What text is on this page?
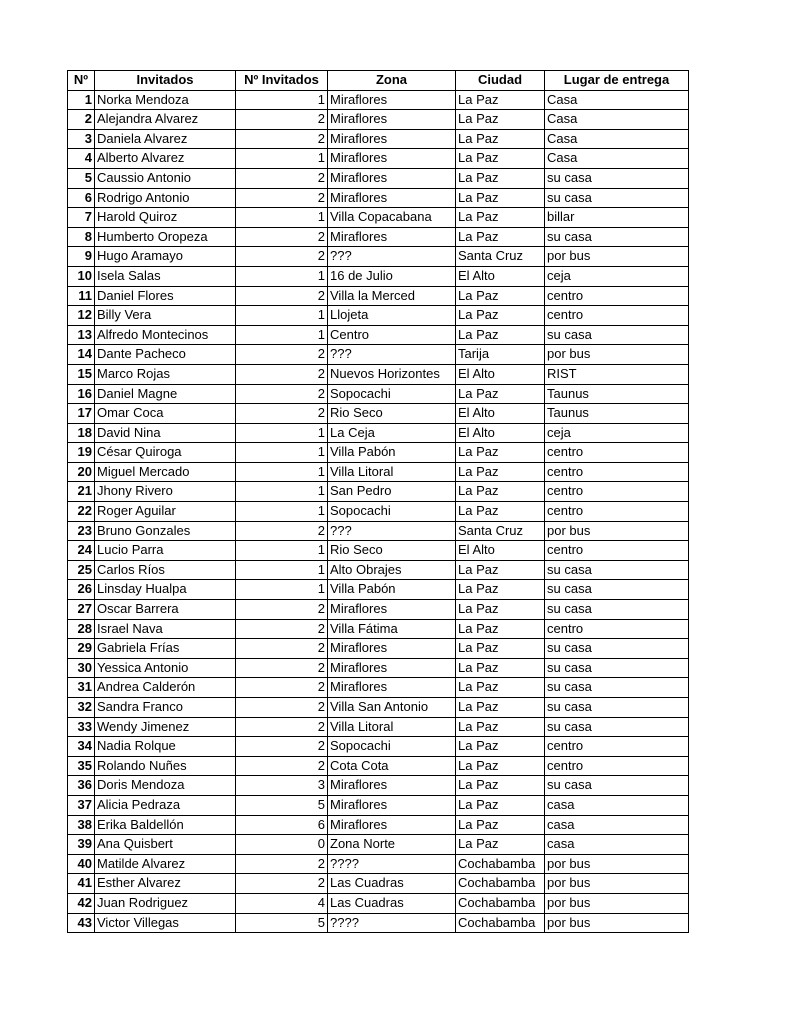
Nº	Invitados	Nº Invitados	Zona	Ciudad	Lugar de entrega
1	Norka Mendoza	1	Miraflores	La Paz	Casa
2	Alejandra Alvarez	2	Miraflores	La Paz	Casa
3	Daniela Alvarez	2	Miraflores	La Paz	Casa
4	Alberto Alvarez	1	Miraflores	La Paz	Casa
5	Caussio Antonio	2	Miraflores	La Paz	su casa
6	Rodrigo Antonio	2	Miraflores	La Paz	su casa
7	Harold Quiroz	1	Villa Copacabana	La Paz	billar
8	Humberto Oropeza	2	Miraflores	La Paz	su casa
9	Hugo Aramayo	2	???	Santa Cruz	por bus
10	Isela Salas	1	16 de Julio	El Alto	ceja
11	Daniel Flores	2	Villa la Merced	La Paz	centro
12	Billy Vera	1	Llojeta	La Paz	centro
13	Alfredo Montecinos	1	Centro	La Paz	su casa
14	Dante Pacheco	2	???	Tarija	por bus
15	Marco Rojas	2	Nuevos Horizontes	El Alto	RIST
16	Daniel Magne	2	Sopocachi	La Paz	Taunus
17	Omar Coca	2	Rio Seco	El Alto	Taunus
18	David Nina	1	La Ceja	El Alto	ceja
19	César Quiroga	1	Villa Pabón	La Paz	centro
20	Miguel Mercado	1	Villa Litoral	La Paz	centro
21	Jhony Rivero	1	San Pedro	La Paz	centro
22	Roger Aguilar	1	Sopocachi	La Paz	centro
23	Bruno Gonzales	2	???	Santa Cruz	por bus
24	Lucio Parra	1	Rio Seco	El Alto	centro
25	Carlos Ríos	1	Alto Obrajes	La Paz	su casa
26	Linsday Hualpa	1	Villa Pabón	La Paz	su casa
27	Oscar Barrera	2	Miraflores	La Paz	su casa
28	Israel Nava	2	Villa Fátima	La Paz	centro
29	Gabriela Frías	2	Miraflores	La Paz	su casa
30	Yessica Antonio	2	Miraflores	La Paz	su casa
31	Andrea Calderón	2	Miraflores	La Paz	su casa
32	Sandra Franco	2	Villa San Antonio	La Paz	su casa
33	Wendy Jimenez	2	Villa Litoral	La Paz	su casa
34	Nadia Rolque	2	Sopocachi	La Paz	centro
35	Rolando Nuñes	2	Cota Cota	La Paz	centro
36	Doris Mendoza	3	Miraflores	La Paz	su casa
37	Alicia Pedraza	5	Miraflores	La Paz	casa
38	Erika Baldellón	6	Miraflores	La Paz	casa
39	Ana Quisbert	0	Zona Norte	La Paz	casa
40	Matilde Alvarez	2	????	Cochabamba	por bus
41	Esther Alvarez	2	Las Cuadras	Cochabamba	por bus
42	Juan Rodriguez	4	Las Cuadras	Cochabamba	por bus
43	Victor Villegas	5	????	Cochabamba	por bus
